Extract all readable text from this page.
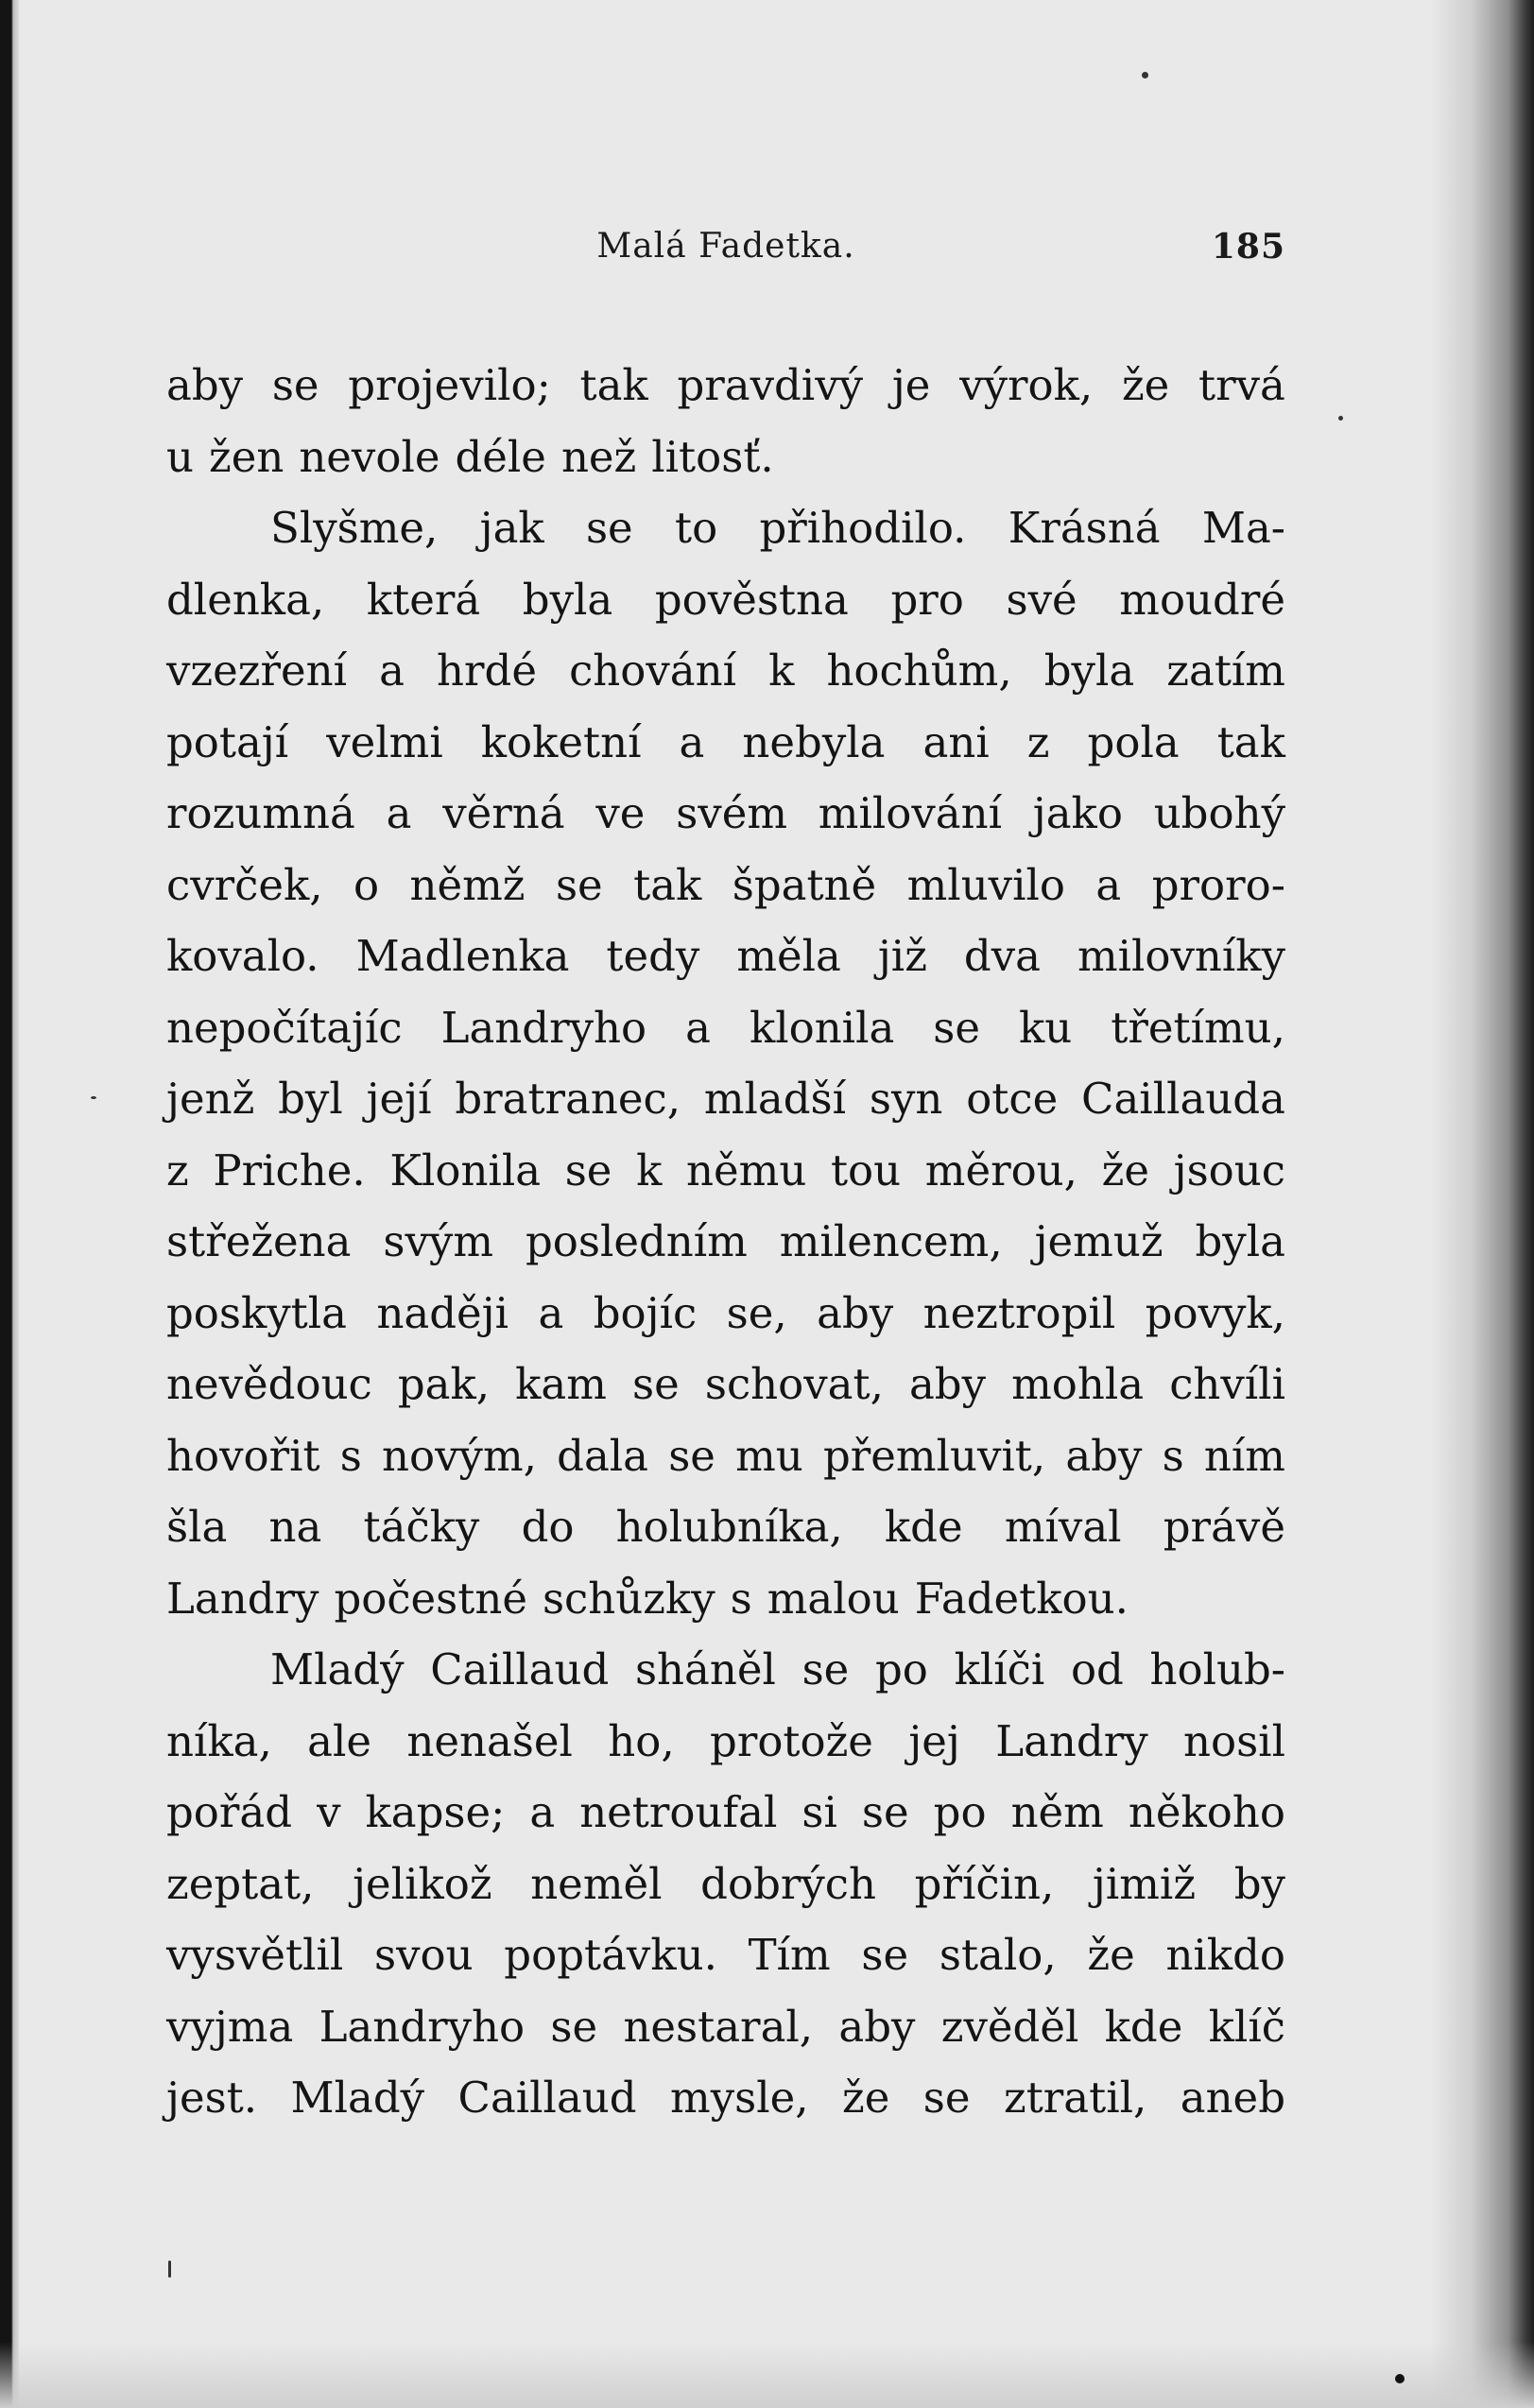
Malá Fadetka.	185
aby se projevilo; tak pravdivý je výrok, že trvá
u žen nevole déle než litosť.
Slyšme, jak se to přihodilo. Krásná Ma-
dlenka, která byla pověstna pro své moudré
vzezření a hrdé chování k hochům, byla zatím
potají velmi koketní a nebyla ani z pola tak
rozumná a věrná ve svém milování jako ubohý
cvrček, o němž se tak špatně mluvilo a proro-
kovalo. Madlenka tedy měla již dva milovníky
nepočítajíc Landryho a klonila se ku třetímu,
jenž byl její bratranec, mladší syn otce Caillauda
z Priche. Klonila se k němu tou měrou, že jsouc
střežena svým posledním milencem, jemuž byla
poskytla naději a bojíc se, aby neztropil povyk,
nevědouc pak, kam se schovat, aby mohla chvíli
hovořit s novým, dala se mu přemluvit, aby s ním
šla na táčky do holubníka, kde míval právě
Landry počestné schůzky s malou Fadetkou.
Mladý Caillaud sháněl se po klíči od holub-
níka, ale nenašel ho, protože jej Landry nosil
pořád v kapse; a netroufal si se po něm někoho
zeptat, jelikož neměl dobrých příčin, jimiž by
vysvětlil svou poptávku. Tím se stalo, že nikdo
vyjma Landryho se nestaral, aby zvěděl kde klíč
jest. Mladý Caillaud mysle, že se ztratil, aneb
